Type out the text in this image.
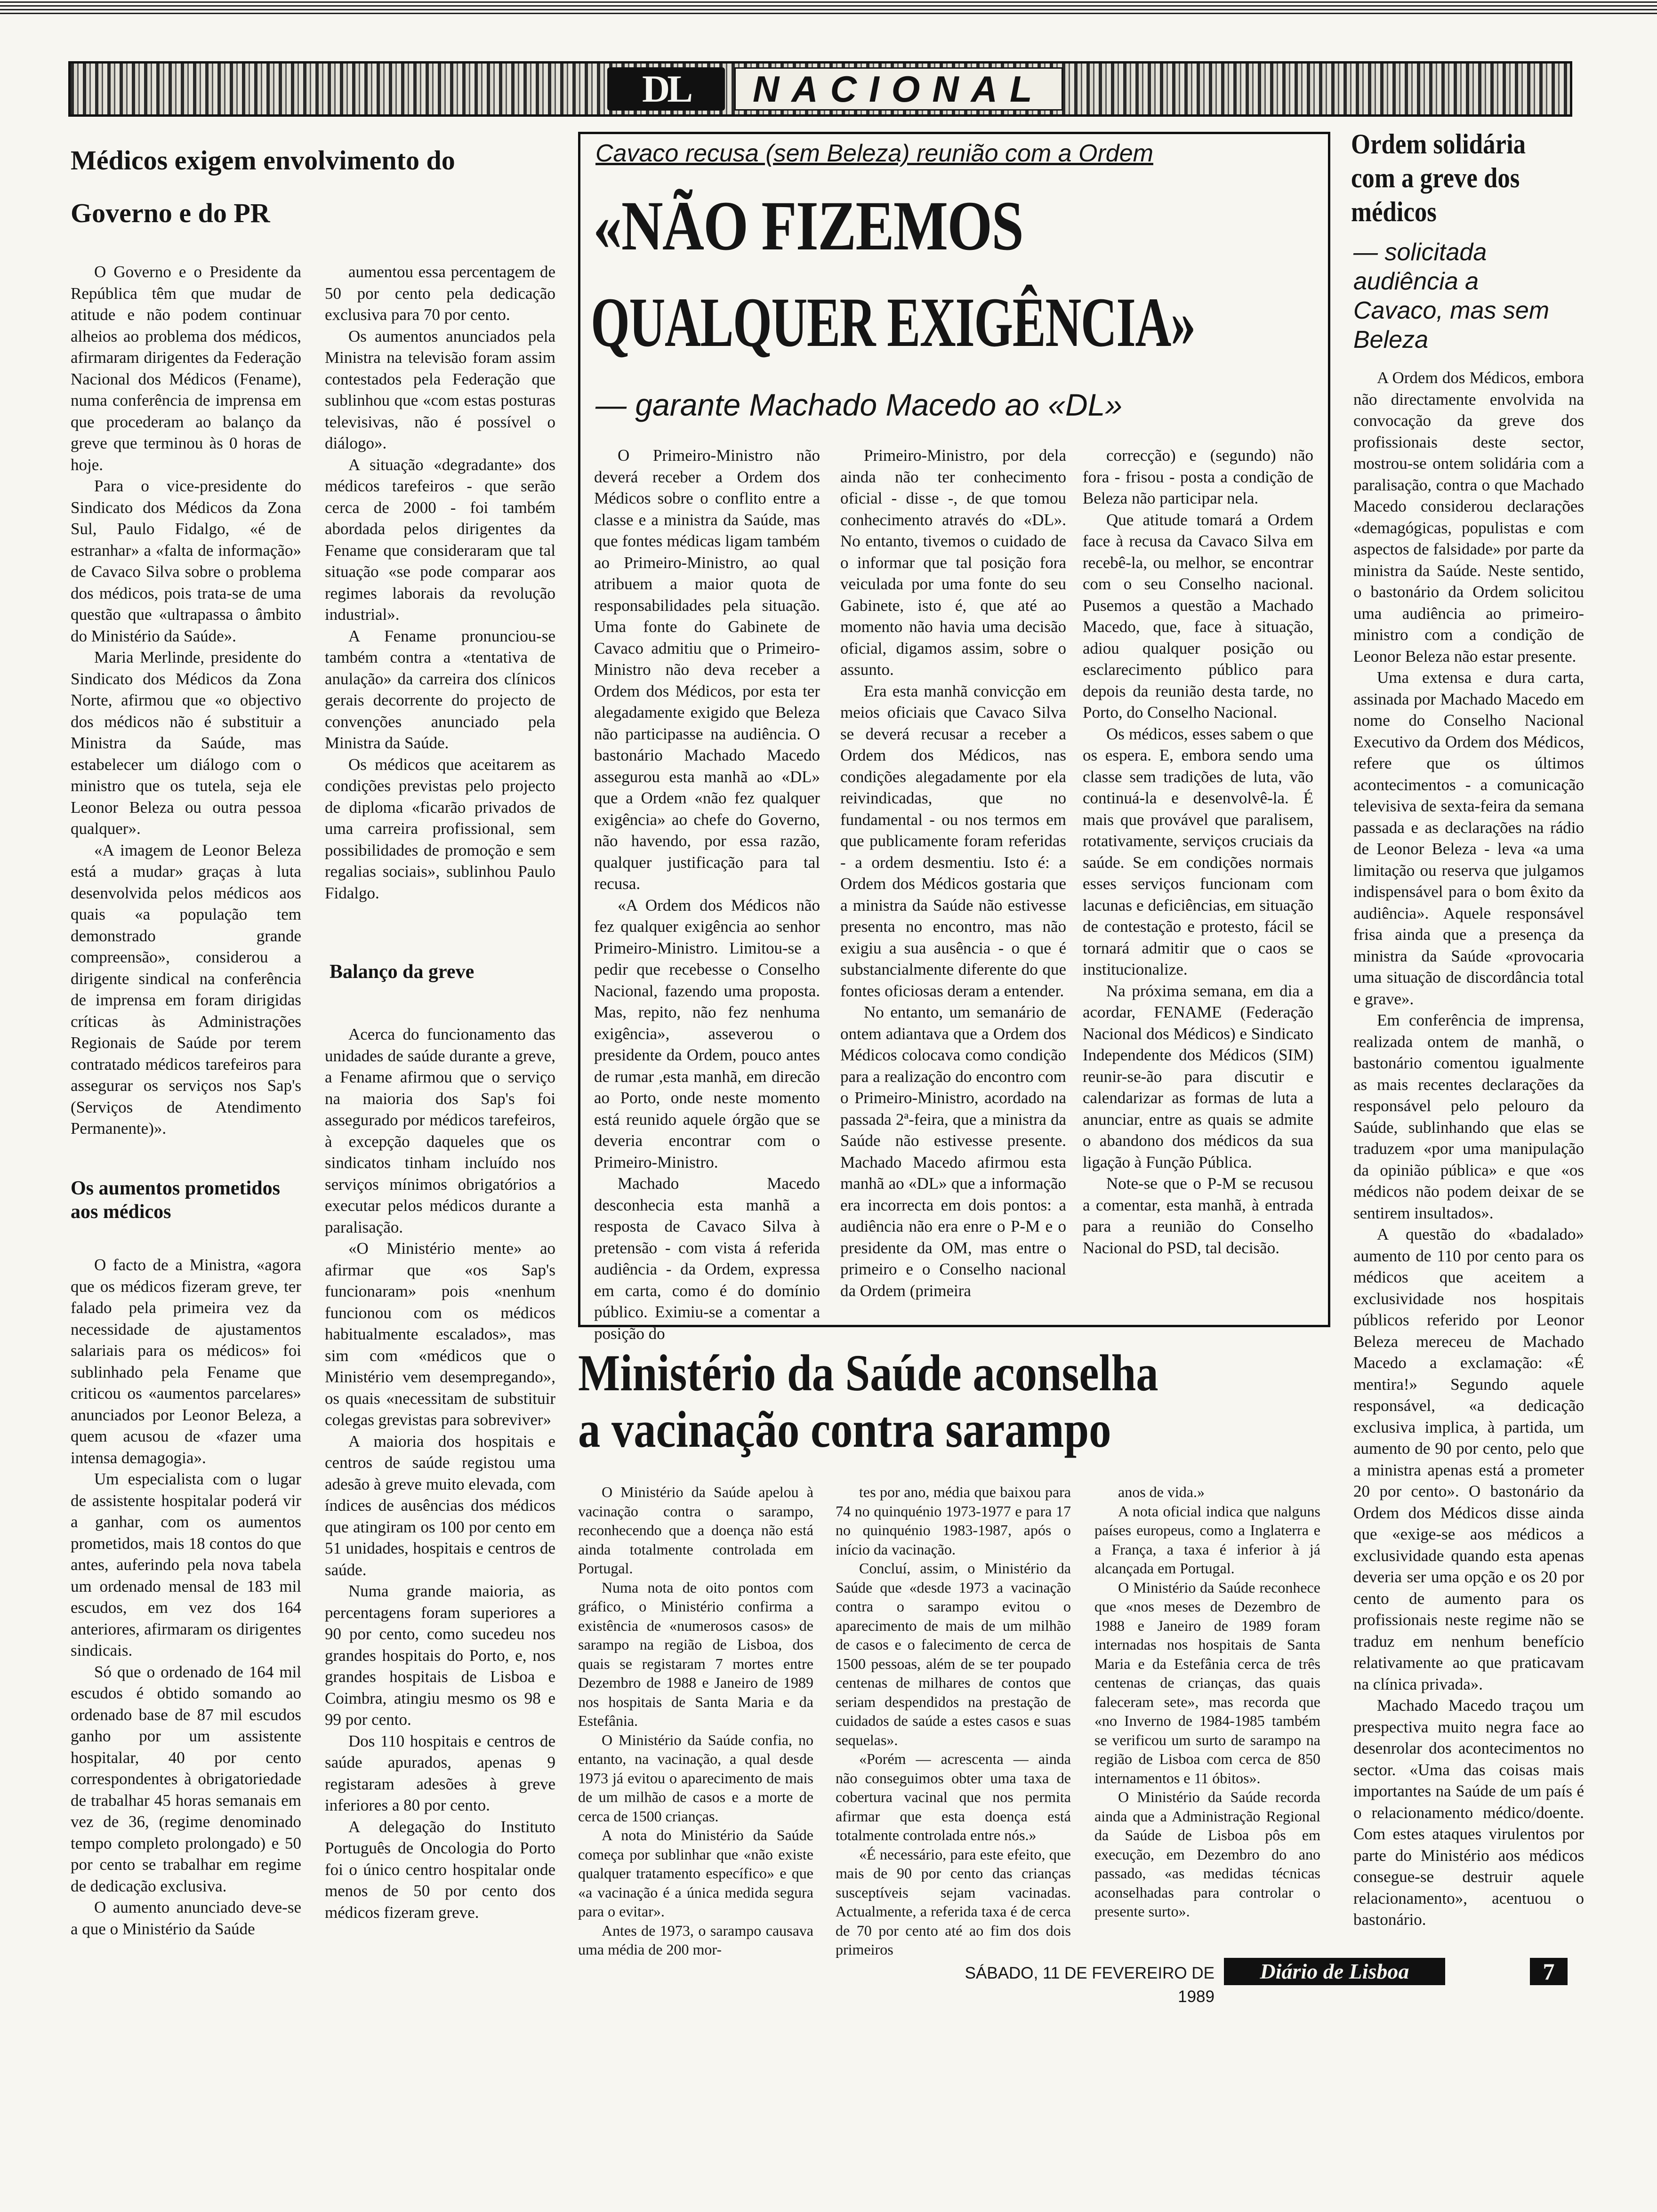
DL	NACIONAL
Médicos exigem envolvimento do Governo e do PR

O Governo e o Presidente da República têm que mudar de atitude e não podem continuar alheios ao problema dos médicos, afirmaram dirigentes da Federação Nacional dos Médicos (Fename), numa conferência de imprensa em que procederam ao balanço da greve que terminou às 0 horas de hoje.

Para o vice-presidente do Sindicato dos Médicos da Zona Sul, Paulo Fidalgo, «é de estranhar» a «falta de informação» de Cavaco Silva sobre o problema dos médicos, pois trata-se de uma questão que «ultrapassa o âmbito do Ministério da Saúde».

Maria Merlinde, presidente do Sindicato dos Médicos da Zona Norte, afirmou que «o objectivo dos médicos não é substituir a Ministra da Saúde, mas estabelecer um diálogo com o ministro que os tutela, seja ele Leonor Beleza ou outra pessoa qualquer».

«A imagem de Leonor Beleza está a mudar» graças à luta desenvolvida pelos médicos aos quais «a população tem demonstrado grande compreensão», considerou a dirigente sindical na conferência de imprensa em foram dirigidas críticas às Administrações Regionais de Saúde por terem contratado médicos tarefeiros para assegurar os serviços nos Sap's (Serviços de Atendimento Permanente)».

Os aumentos prometidos aos médicos

O facto de a Ministra, «agora que os médicos fizeram greve, ter falado pela primeira vez da necessidade de ajustamentos salariais para os médicos» foi sublinhado pela Fename que criticou os «aumentos parcelares» anunciados por Leonor Beleza, a quem acusou de «fazer uma intensa demagogia».

Um especialista com o lugar de assistente hospitalar poderá vir a ganhar, com os aumentos prometidos, mais 18 contos do que antes, auferindo pela nova tabela um ordenado mensal de 183 mil escudos, em vez dos 164 anteriores, afirmaram os dirigentes sindicais.

Só que o ordenado de 164 mil escudos é obtido somando ao ordenado base de 87 mil escudos ganho por um assistente hospitalar, 40 por cento correspondentes à obrigatoriedade de trabalhar 45 horas semanais em vez de 36, (regime denominado tempo completo prolongado) e 50 por cento se trabalhar em regime de dedicação exclusiva.

O aumento anunciado deve-se a que o Ministério da Saúde

aumentou essa percentagem de 50 por cento pela dedicação exclusiva para 70 por cento.

Os aumentos anunciados pela Ministra na televisão foram assim contestados pela Federação que sublinhou que «com estas posturas televisivas, não é possível o diálogo».

A situação «degradante» dos médicos tarefeiros - que serão cerca de 2000 - foi também abordada pelos dirigentes da Fename que consideraram que tal situação «se pode comparar aos regimes laborais da revolução industrial».

A Fename pronunciou-se também contra a «tentativa de anulação» da carreira dos clínicos gerais decorrente do projecto de convenções anunciado pela Ministra da Saúde.

Os médicos que aceitarem as condições previstas pelo projecto de diploma «ficarão privados de uma carreira profissional, sem possibilidades de promoção e sem regalias sociais», sublinhou Paulo Fidalgo.

Balanço da greve

Acerca do funcionamento das unidades de saúde durante a greve, a Fename afirmou que o serviço na maioria dos Sap's foi assegurado por médicos tarefeiros, à excepção daqueles que os sindicatos tinham incluído nos serviços mínimos obrigatórios a executar pelos médicos durante a paralisação.

«O Ministério mente» ao afirmar que «os Sap's funcionaram» pois «nenhum funcionou com os médicos habitualmente escalados», mas sim com «médicos que o Ministério vem desempregando», os quais «necessitam de substituir colegas grevistas para sobreviver»

A maioria dos hospitais e centros de saúde registou uma adesão à greve muito elevada, com índices de ausências dos médicos que atingiram os 100 por cento em 51 unidades, hospitais e centros de saúde.

Numa grande maioria, as percentagens foram superiores a 90 por cento, como sucedeu nos grandes hospitais do Porto, e, nos grandes hospitais de Lisboa e Coimbra, atingiu mesmo os 98 e 99 por cento.

Dos 110 hospitais e centros de saúde apurados, apenas 9 registaram adesões à greve inferiores a 80 por cento.

A delegação do Instituto Português de Oncologia do Porto foi o único centro hospitalar onde menos de 50 por cento dos médicos fizeram greve.

Cavaco recusa (sem Beleza) reunião com a Ordem
«NÃO FIZEMOS
QUALQUER EXIGÊNCIA»
— garante Machado Macedo ao «DL»

O Primeiro-Ministro não deverá receber a Ordem dos Médicos sobre o conflito entre a classe e a ministra da Saúde, mas que fontes médicas ligam também ao Primeiro-Ministro, ao qual atribuem a maior quota de responsabilidades pela situação. Uma fonte do Gabinete de Cavaco admitiu que o Primeiro-Ministro não deva receber a Ordem dos Médicos, por esta ter alegadamente exigido que Beleza não participasse na audiência. O bastonário Machado Macedo assegurou esta manhã ao «DL» que a Ordem «não fez qualquer exigência» ao chefe do Governo, não havendo, por essa razão, qualquer justificação para tal recusa.

«A Ordem dos Médicos não fez qualquer exigência ao senhor Primeiro-Ministro. Limitou-se a pedir que recebesse o Conselho Nacional, fazendo uma proposta. Mas, repito, não fez nenhuma exigência», asseverou o presidente da Ordem, pouco antes de rumar ,esta manhã, em direcão ao Porto, onde neste momento está reunido aquele órgão que se deveria encontrar com o Primeiro-Ministro.

Machado Macedo desconhecia esta manhã a resposta de Cavaco Silva à pretensão - com vista á referida audiência - da Ordem, expressa em carta, como é do domínio público. Eximiu-se a comentar a posição do

Primeiro-Ministro, por dela ainda não ter conhecimento oficial - disse -, de que tomou conhecimento através do «DL». No entanto, tivemos o cuidado de o informar que tal posição fora veiculada por uma fonte do seu Gabinete, isto é, que até ao momento não havia uma decisão oficial, digamos assim, sobre o assunto.

Era esta manhã convicção em meios oficiais que Cavaco Silva se deverá recusar a receber a Ordem dos Médicos, nas condições alegadamente por ela reivindicadas, que no fundamental - ou nos termos em que publicamente foram referidas - a ordem desmentiu. Isto é: a Ordem dos Médicos gostaria que a ministra da Saúde não estivesse presenta no encontro, mas não exigiu a sua ausência - o que é substancialmente diferente do que fontes oficiosas deram a entender.

No entanto, um semanário de ontem adiantava que a Ordem dos Médicos colocava como condição para a realização do encontro com o Primeiro-Ministro, acordado na passada 2ª-feira, que a ministra da Saúde não estivesse presente. Machado Macedo afirmou esta manhã ao «DL» que a informação era incorrecta em dois pontos: a audiência não era enre o P-M e o presidente da OM, mas entre o primeiro e o Conselho nacional da Ordem (primeira

correcção) e (segundo) não fora - frisou - posta a condição de Beleza não participar nela.

Que atitude tomará a Ordem face à recusa da Cavaco Silva em recebê-la, ou melhor, se encontrar com o seu Conselho nacional. Pusemos a questão a Machado Macedo, que, face à situação, adiou qualquer posição ou esclarecimento público para depois da reunião desta tarde, no Porto, do Conselho Nacional.

Os médicos, esses sabem o que os espera. E, embora sendo uma classe sem tradições de luta, vão continuá-la e desenvolvê-la. É mais que provável que paralisem, rotativamente, serviços cruciais da saúde. Se em condições normais esses serviços funcionam com lacunas e deficiências, em situação de contestação e protesto, fácil se tornará admitir que o caos se institucionalize.

Na próxima semana, em dia a acordar, FENAME (Federação Nacional dos Médicos) e Sindicato Independente dos Médicos (SIM) reunir-se-ão para discutir e calendarizar as formas de luta a anunciar, entre as quais se admite o abandono dos médicos da sua ligação à Função Pública.

Note-se que o P-M se recusou a comentar, esta manhã, à entrada para a reunião do Conselho Nacional do PSD, tal decisão.

Ministério da Saúde aconselha
a vacinação contra sarampo

O Ministério da Saúde apelou à vacinação contra o sarampo, reconhecendo que a doença não está ainda totalmente controlada em Portugal.

Numa nota de oito pontos com gráfico, o Ministério confirma a existência de «numerosos casos» de sarampo na região de Lisboa, dos quais se registaram 7 mortes entre Dezembro de 1988 e Janeiro de 1989 nos hospitais de Santa Maria e da Estefânia.

O Ministério da Saúde confia, no entanto, na vacinação, a qual desde 1973 já evitou o aparecimento de mais de um milhão de casos e a morte de cerca de 1500 crianças.

A nota do Ministério da Saúde começa por sublinhar que «não existe qualquer tratamento específico» e que «a vacinação é a única medida segura para o evitar».

Antes de 1973, o sarampo causava uma média de 200 mor-

tes por ano, média que baixou para 74 no quinquénio 1973-1977 e para 17 no quinquénio 1983-1987, após o início da vacinação.

Concluí, assim, o Ministério da Saúde que «desde 1973 a vacinação contra o sarampo evitou o aparecimento de mais de um milhão de casos e o falecimento de cerca de 1500 pessoas, além de se ter poupado centenas de milhares de contos que seriam despendidos na prestação de cuidados de saúde a estes casos e suas sequelas».

«Porém — acrescenta — ainda não conseguimos obter uma taxa de cobertura vacinal que nos permita afirmar que esta doença está totalmente controlada entre nós.»

«É necessário, para este efeito, que mais de 90 por cento das crianças susceptíveis sejam vacinadas. Actualmente, a referida taxa é de cerca de 70 por cento até ao fim dos dois primeiros

anos de vida.»

A nota oficial indica que nalguns países europeus, como a Inglaterra e a França, a taxa é inferior à já alcançada em Portugal.

O Ministério da Saúde reconhece que «nos meses de Dezembro de 1988 e Janeiro de 1989 foram internadas nos hospitais de Santa Maria e da Estefânia cerca de três centenas de crianças, das quais faleceram sete», mas recorda que «no Inverno de 1984-1985 também se verificou um surto de sarampo na região de Lisboa com cerca de 850 internamentos e 11 óbitos».

O Ministério da Saúde recorda ainda que a Administração Regional da Saúde de Lisboa pôs em execução, em Dezembro do ano passado, «as medidas técnicas aconselhadas para controlar o presente surto».

Ordem solidária com a greve dos médicos
— solicitada audiência a Cavaco, mas sem Beleza

A Ordem dos Médicos, embora não directamente envolvida na convocação da greve dos profissionais deste sector, mostrou-se ontem solidária com a paralisação, contra o que Machado Macedo considerou declarações «demagógicas, populistas e com aspectos de falsidade» por parte da ministra da Saúde. Neste sentido, o bastonário da Ordem solicitou uma audiência ao primeiro-ministro com a condição de Leonor Beleza não estar presente.

Uma extensa e dura carta, assinada por Machado Macedo em nome do Conselho Nacional Executivo da Ordem dos Médicos, refere que os últimos acontecimentos - a comunicação televisiva de sexta-feira da semana passada e as declarações na rádio de Leonor Beleza - leva «a uma limitação ou reserva que julgamos indispensável para o bom êxito da audiência». Aquele responsável frisa ainda que a presença da ministra da Saúde «provocaria uma situação de discordância total e grave».

Em conferência de imprensa, realizada ontem de manhã, o bastonário comentou igualmente as mais recentes declarações da responsável pelo pelouro da Saúde, sublinhando que elas se traduzem «por uma manipulação da opinião pública» e que «os médicos não podem deixar de se sentirem insultados».

A questão do «badalado» aumento de 110 por cento para os médicos que aceitem a exclusividade nos hospitais públicos referido por Leonor Beleza mereceu de Machado Macedo a exclamação: «É mentira!» Segundo aquele responsável, «a dedicação exclusiva implica, à partida, um aumento de 90 por cento, pelo que a ministra apenas está a prometer 20 por cento». O bastonário da Ordem dos Médicos disse ainda que «exige-se aos médicos a exclusividade quando esta apenas deveria ser uma opção e os 20 por cento de aumento para os profissionais neste regime não se traduz em nenhum benefício relativamente ao que praticavam na clínica privada».

Machado Macedo traçou um prespectiva muito negra face ao desenrolar dos acontecimentos no sector. «Uma das coisas mais importantes na Saúde de um país é o relacionamento médico/doente. Com estes ataques virulentos por parte do Ministério aos médicos consegue-se destruir aquele relacionamento», acentuou o bastonário.

SÁBADO, 11 DE FEVEREIRO DE 1989
Diário de Lisboa	7
